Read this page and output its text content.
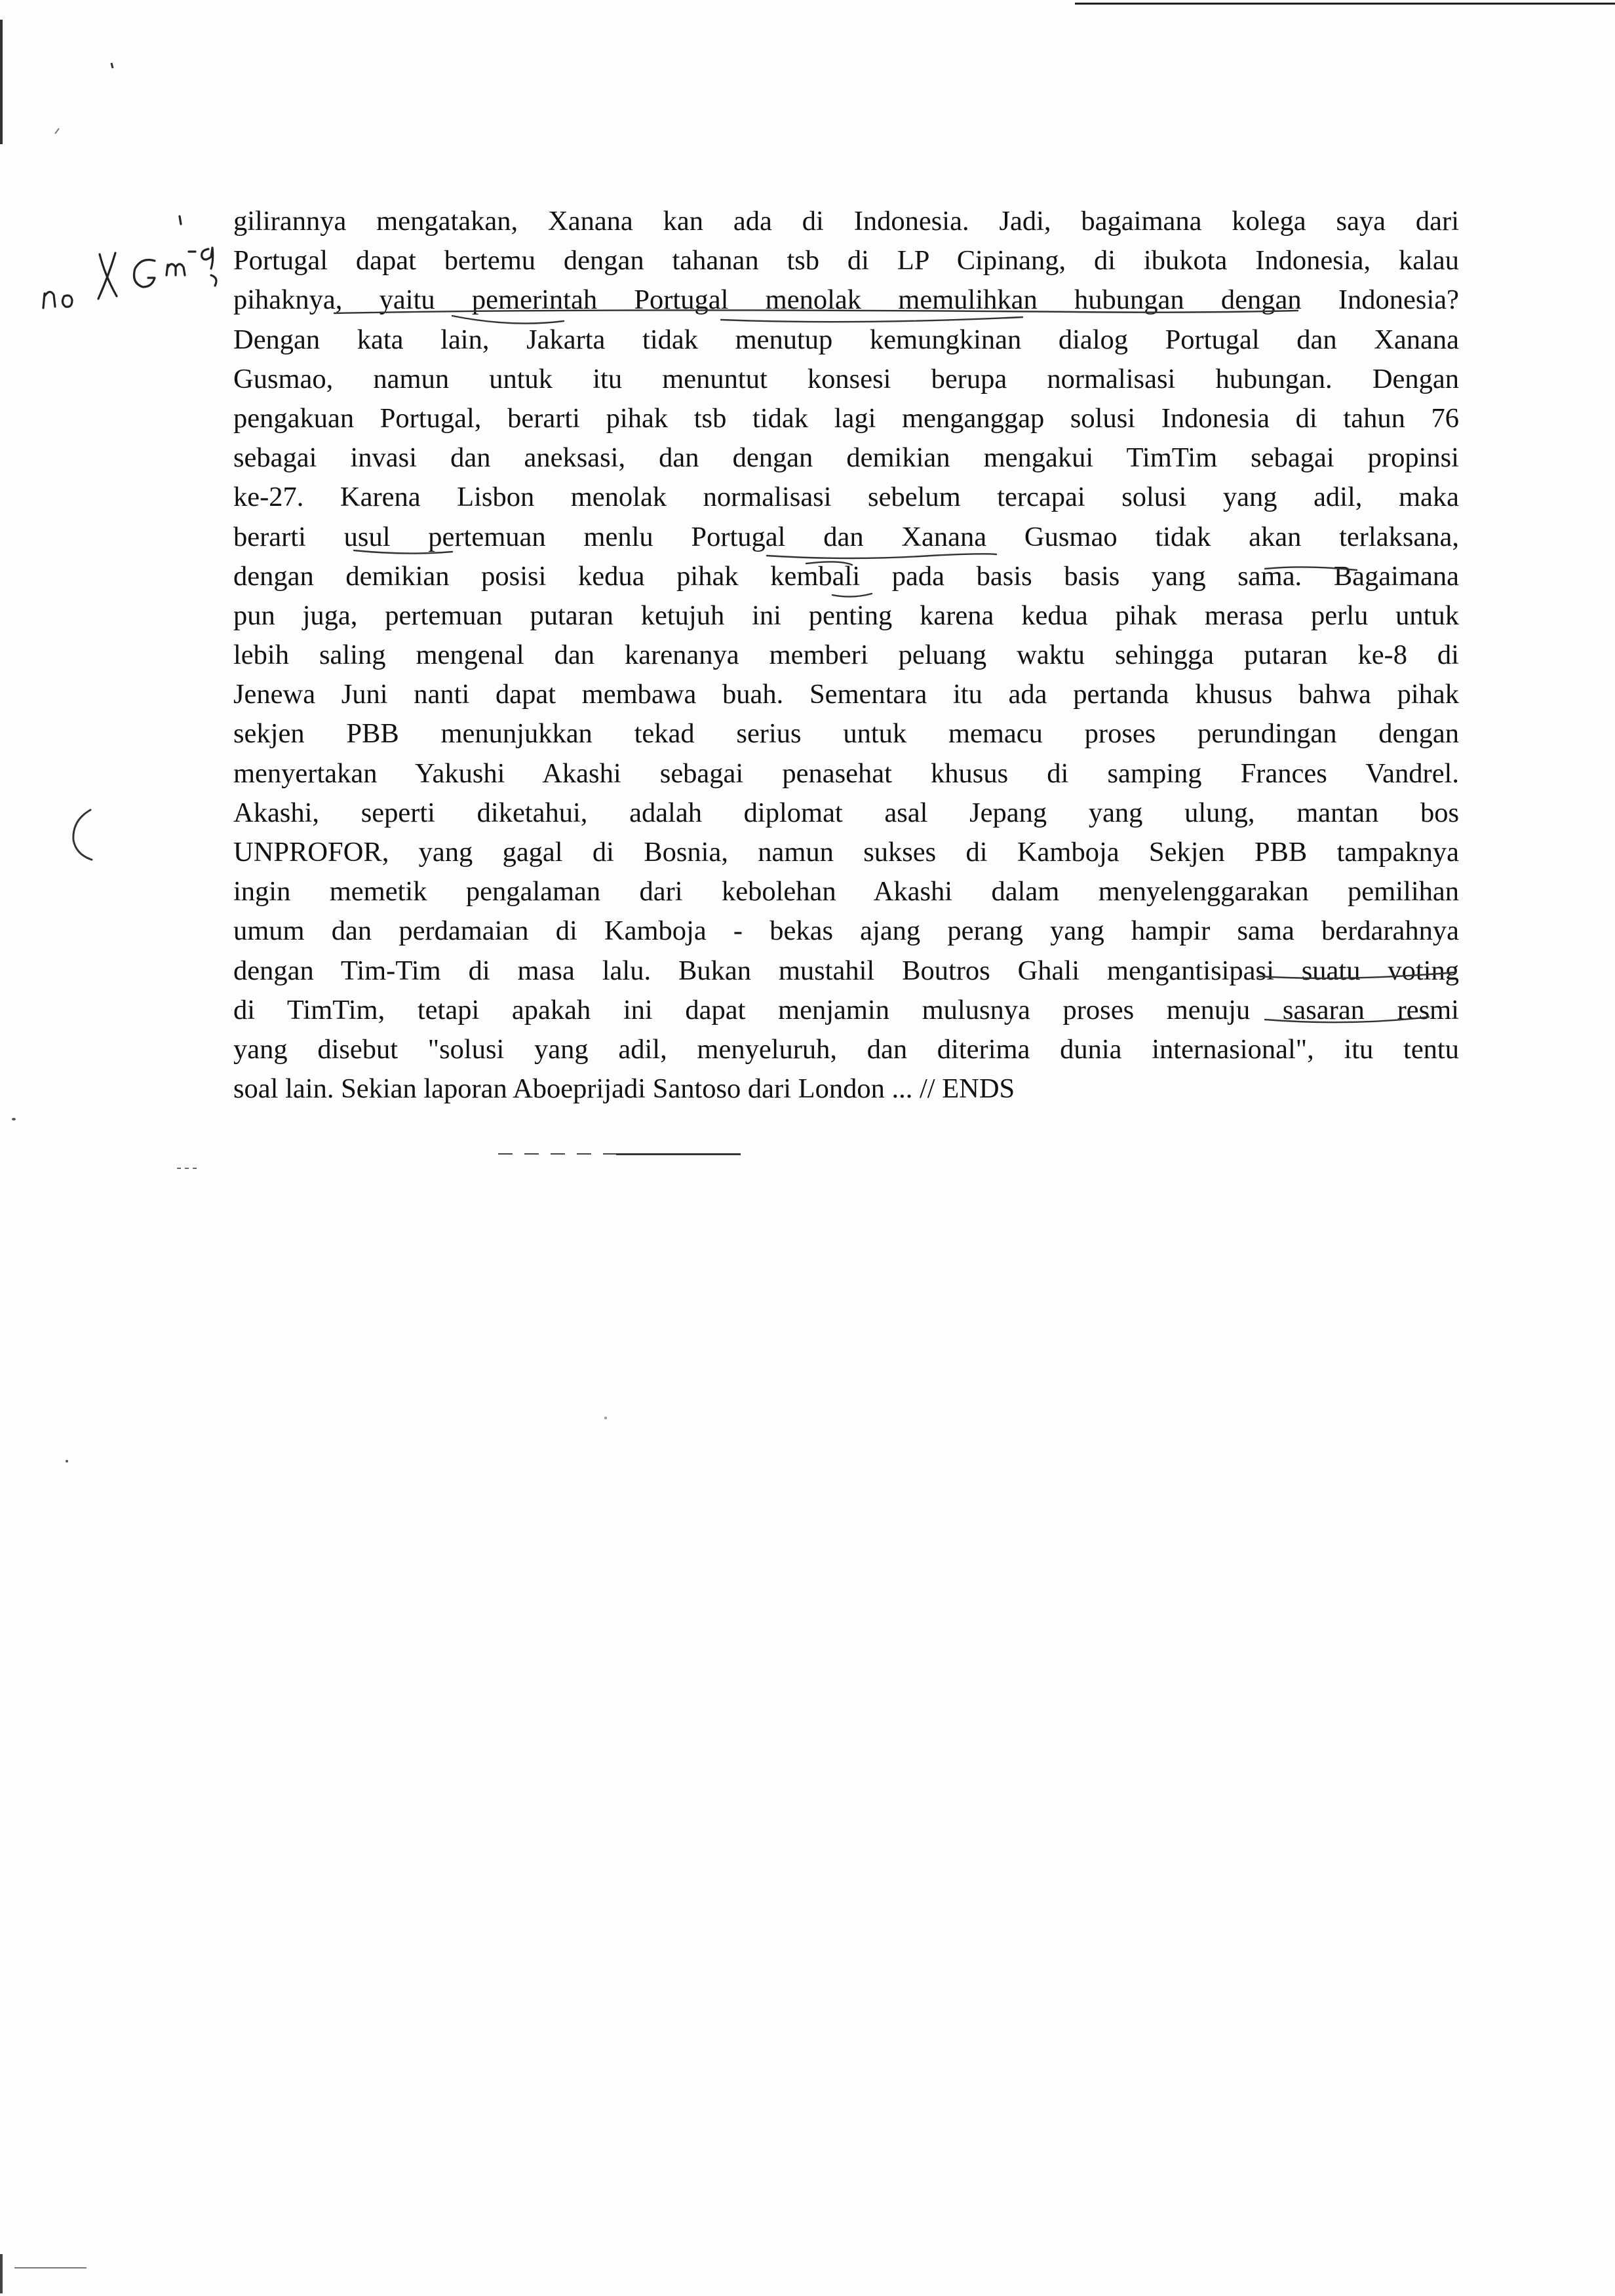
gilirannya mengatakan, Xanana kan ada di Indonesia. Jadi, bagaimana kolega saya dari
Portugal dapat bertemu dengan tahanan tsb di LP Cipinang, di ibukota Indonesia, kalau
pihaknya, yaitu pemerintah Portugal menolak memulihkan hubungan dengan Indonesia?
Dengan kata lain, Jakarta tidak menutup kemungkinan dialog Portugal dan Xanana
Gusmao, namun untuk itu menuntut konsesi berupa normalisasi hubungan. Dengan
pengakuan Portugal, berarti pihak tsb tidak lagi menganggap solusi Indonesia di tahun 76
sebagai invasi dan aneksasi, dan dengan demikian mengakui TimTim sebagai propinsi
ke-27. Karena Lisbon menolak normalisasi sebelum tercapai solusi yang adil, maka
berarti usul pertemuan menlu Portugal dan Xanana Gusmao tidak akan terlaksana,
dengan demikian posisi kedua pihak kembali pada basis basis yang sama. Bagaimana
pun juga, pertemuan putaran ketujuh ini penting karena kedua pihak merasa perlu untuk
lebih saling mengenal dan karenanya memberi peluang waktu sehingga putaran ke-8 di
Jenewa Juni nanti dapat membawa buah. Sementara itu ada pertanda khusus bahwa pihak
sekjen PBB menunjukkan tekad serius untuk memacu proses perundingan dengan
menyertakan Yakushi Akashi sebagai penasehat khusus di samping Frances Vandrel.
Akashi, seperti diketahui, adalah diplomat asal Jepang yang ulung, mantan bos
UNPROFOR, yang gagal di Bosnia, namun sukses di Kamboja Sekjen PBB tampaknya
ingin memetik pengalaman dari kebolehan Akashi dalam menyelenggarakan pemilihan
umum dan perdamaian di Kamboja - bekas ajang perang yang hampir sama berdarahnya
dengan Tim-Tim di masa lalu. Bukan mustahil Boutros Ghali mengantisipasi suatu voting
di TimTim, tetapi apakah ini dapat menjamin mulusnya proses menuju sasaran resmi
yang disebut "solusi yang adil, menyeluruh, dan diterima dunia internasional", itu tentu
soal lain. Sekian laporan Aboeprijadi Santoso dari London ... // ENDS
